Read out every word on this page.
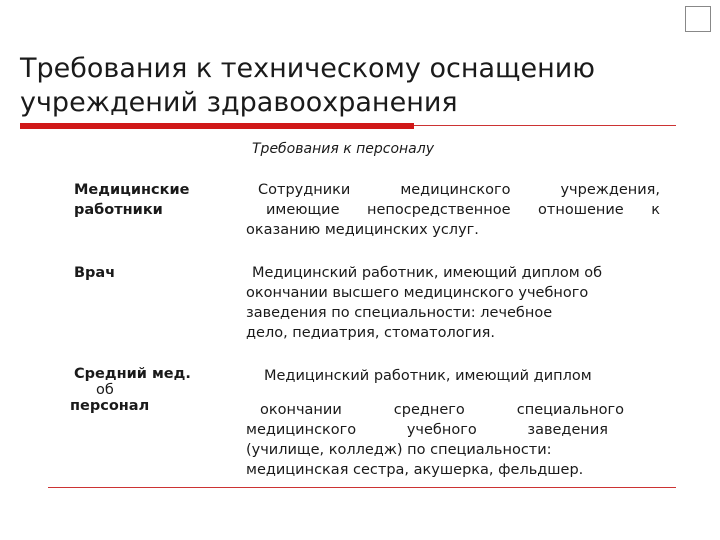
Требования к техническому оснащению
учреждений здравоохранения
Требования к персоналу
Медицинские
работники
Сотрудники медицинского учреждения,
имеющие непосредственное отношение к
оказанию медицинских услуг.
Врач	Медицинский работник, имеющий диплом об
окончании высшего медицинского учебного
заведения по специальности: лечебное
дело, педиатрия, стоматология.
Средний мед.
об
персонал
Медицинский работник, имеющий диплом
окончании среднего специального
медицинского учебного заведения
(училище, колледж) по специальности:
медицинская сестра, акушерка, фельдшер.
